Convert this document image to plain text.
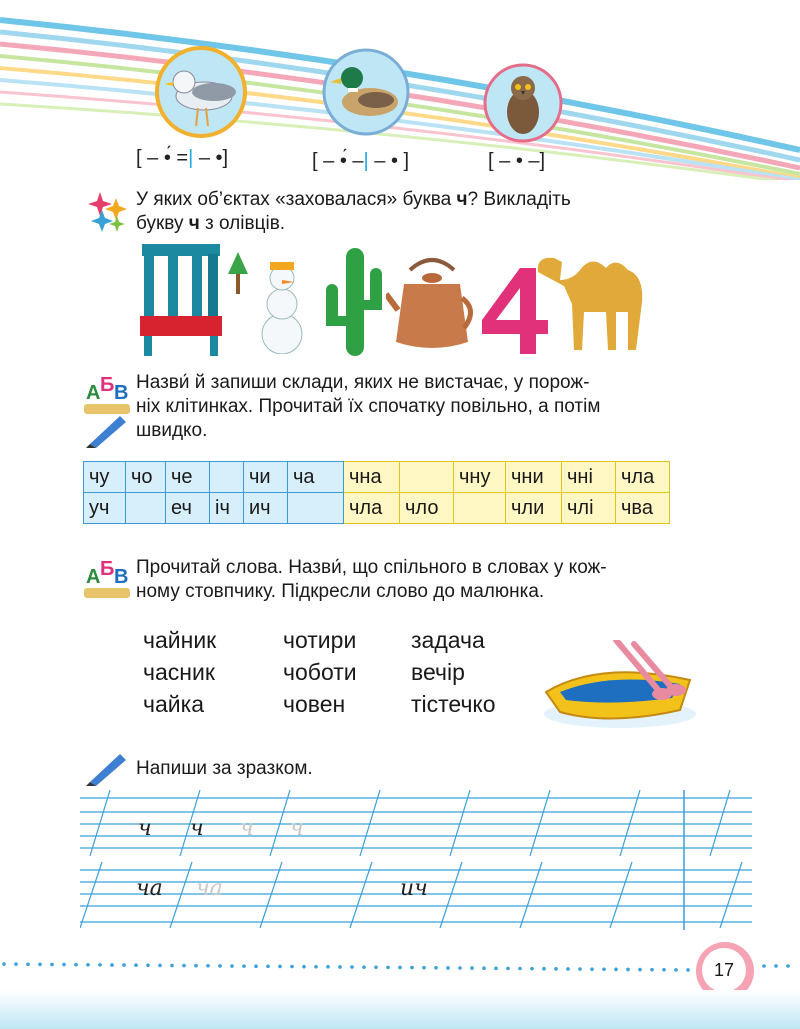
[ – •́ =| – •]	[ – •́ –| – • ]	[ – • –]
У яких об’єктах «заховалася» буква ч? Викладіть
букву ч з олівців.
А Б В Назви́ й запиши склади, яких не вистачає, у порож-
ніх клітинках. Прочитай їх спочатку повільно, а потім
швидко.
чу	чо	че		чи	ча	чна		чну	чни	чні	чла
уч		еч	іч	ич		чла	чло		чли	члі	чва
А Б В Прочитай слова. Назви́, що спільного в словах у кож-
ному стовпчику. Підкресли слово до малюнка.
чайник
часник
чайка
чотири
чоботи
човен
задача
вечір
тістечко
Напиши за зразком.
ч ч ч ч
ча ча	ич
17
